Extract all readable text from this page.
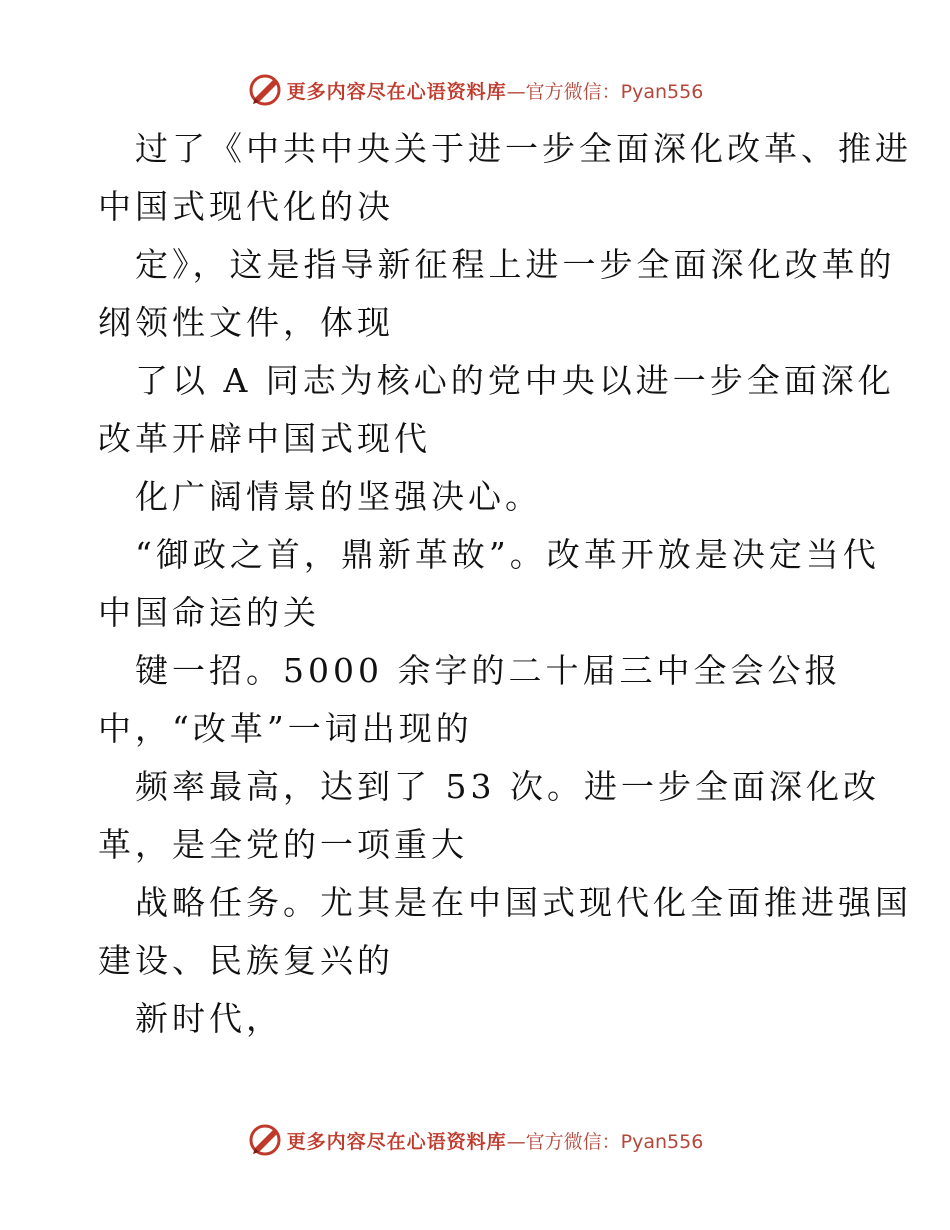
更多内容尽在心语资料库 —官方微信：Pyan556
过了《中共中央关于进一步全面深化改革、推进
中国式现代化的决
定》，这是指导新征程上进一步全面深化改革的
纲领性文件，体现
了以 A 同志为核心的党中央以进一步全面深化
改革开辟中国式现代
化广阔情景的坚强决心。
“御政之首，鼎新革故”。改革开放是决定当代
中国命运的关
键一招。5000 余字的二十届三中全会公报
中，“改革”一词出现的
频率最高，达到了 53 次。进一步全面深化改
革，是全党的一项重大
战略任务。尤其是在中国式现代化全面推进强国
建设、民族复兴的
新时代，
更多内容尽在心语资料库 —官方微信：Pyan556
